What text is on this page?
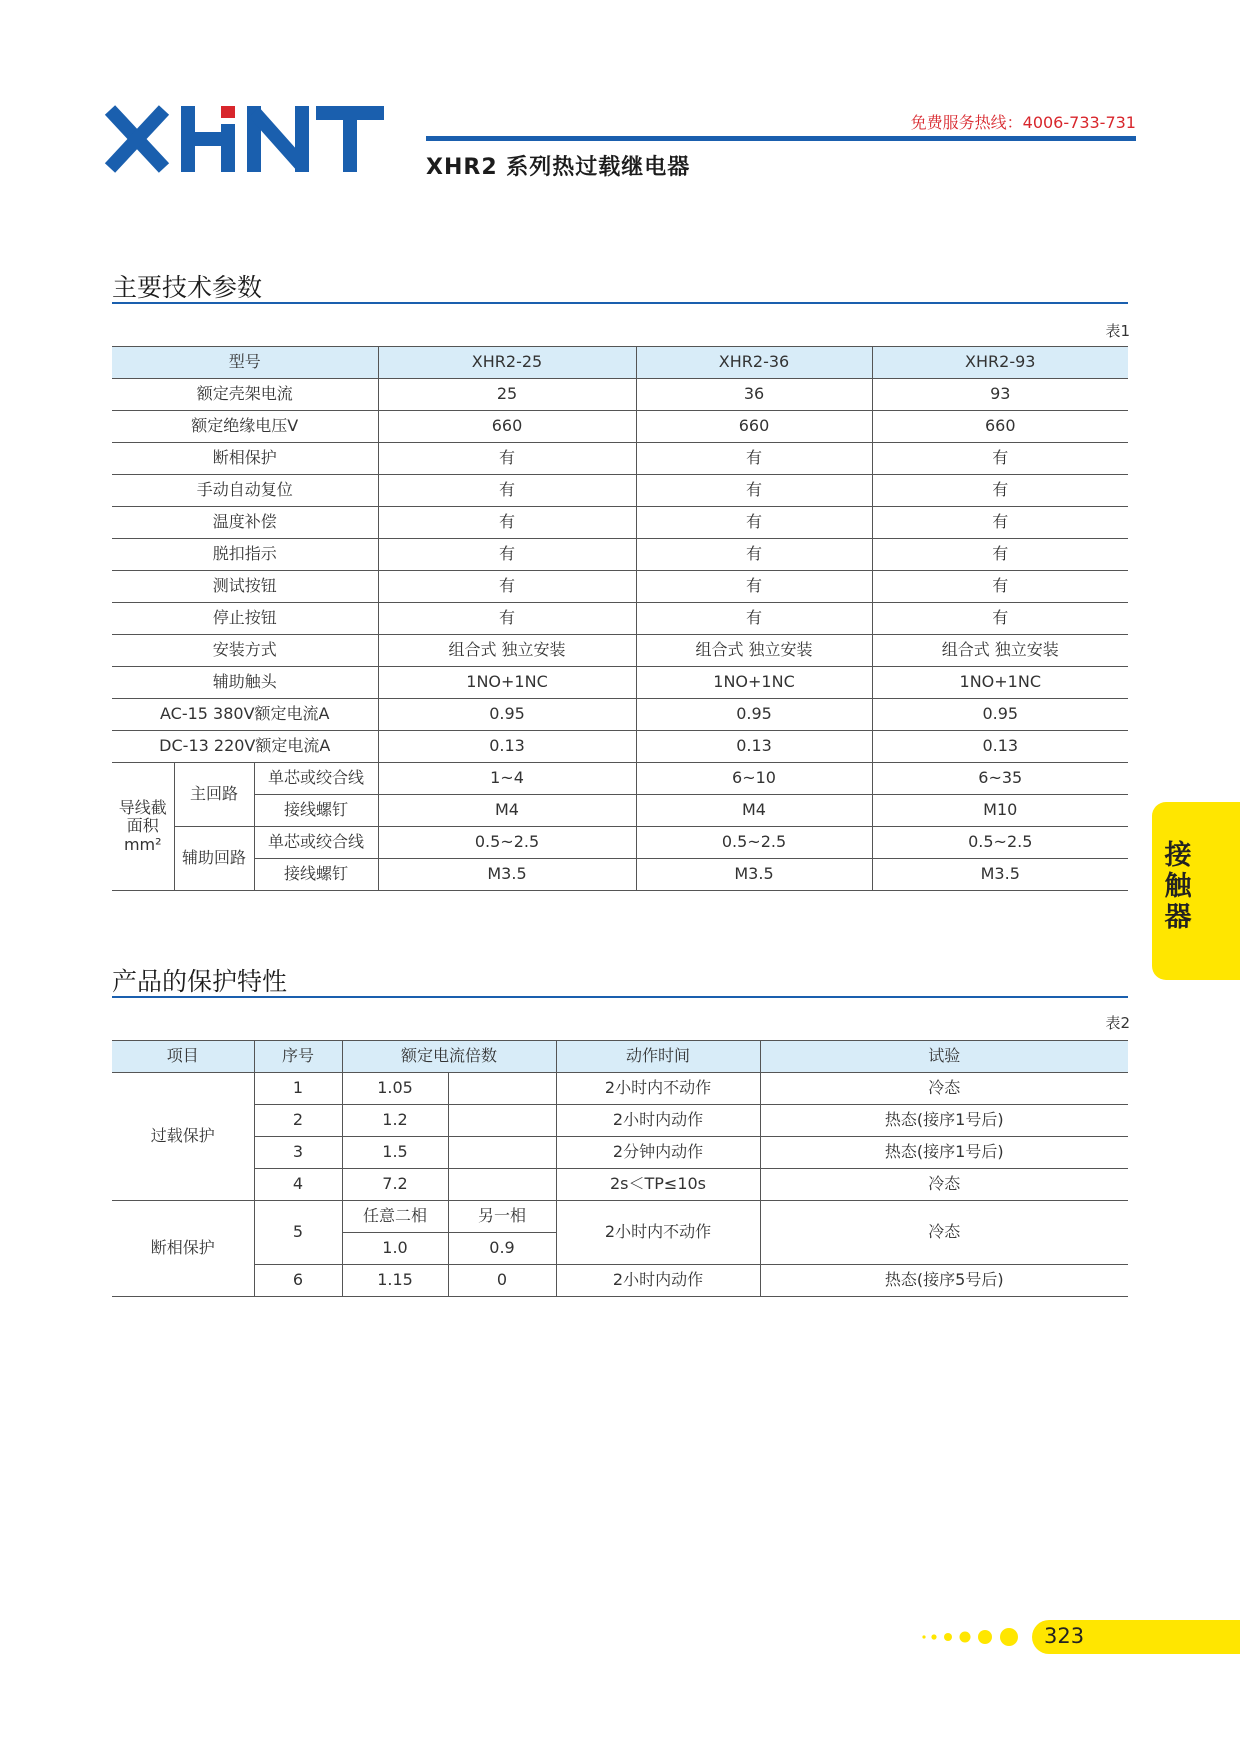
免费服务热线：4006-733-731
XHR2 系列热过载继电器
主要技术参数
表1
型号			XHR2-25	XHR2-36	XHR2-93
额定壳架电流			25	36	93
额定绝缘电压V			660	660	660
断相保护			有	有	有
手动自动复位			有	有	有
温度补偿			有	有	有
脱扣指示			有	有	有
测试按钮			有	有	有
停止按钮			有	有	有
安装方式			组合式 独立安装	组合式 独立安装	组合式 独立安装
辅助触头			1NO+1NC	1NO+1NC	1NO+1NC
AC-15 380V额定电流A			0.95	0.95	0.95
DC-13 220V额定电流A			0.13	0.13	0.13
导线截
面积
mm²	主回路	单芯或绞合线	1~4	6~10	6~35
		接线螺钉	M4	M4	M10
	辅助回路	单芯或绞合线	0.5~2.5	0.5~2.5	0.5~2.5
		接线螺钉	M3.5	M3.5	M3.5
接触器
产品的保护特性
表2
项目	序号	额定电流倍数		动作时间	试验
过载保护	1	1.05		2小时内不动作	冷态
	2	1.2		2小时内动作	热态(接序1号后)
	3	1.5		2分钟内动作	热态(接序1号后)
	4	7.2		2s＜TP≤10s	冷态
断相保护	5	任意二相	另一相	2小时内不动作	冷态
		1.0	0.9		
	6	1.15	0	2小时内动作	热态(接序5号后)
323
